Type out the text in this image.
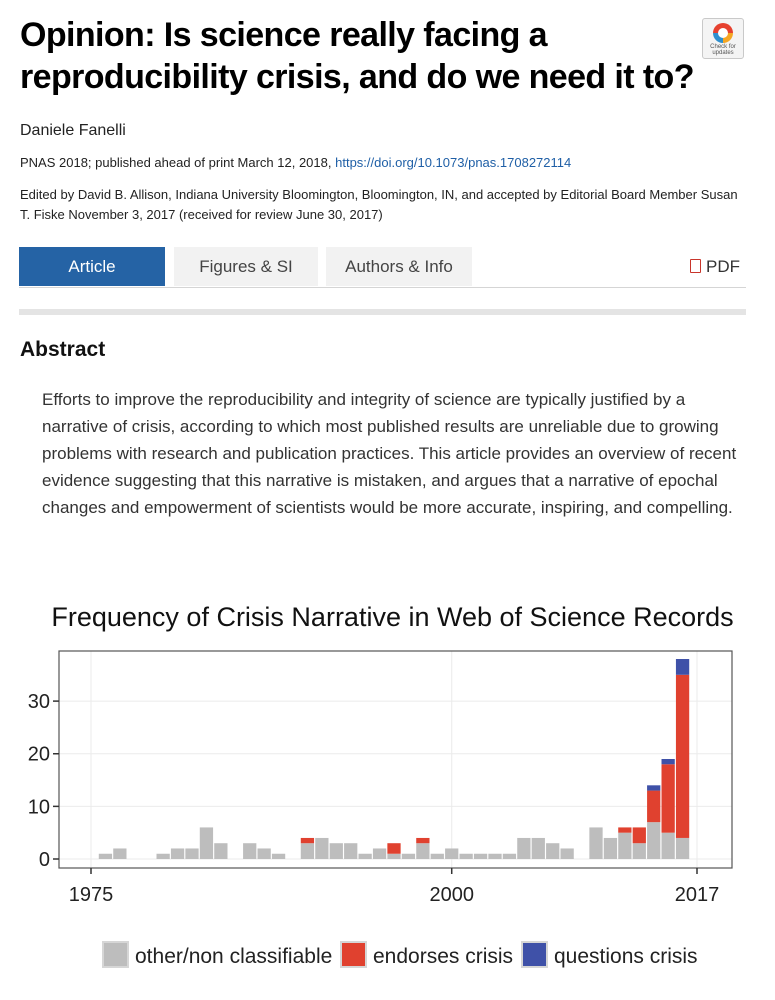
Opinion: Is science really facing a reproducibility crisis, and do we need it to?
Check for updates
Daniele Fanelli
PNAS 2018; published ahead of print March 12, 2018, https://doi.org/10.1073/pnas.1708272114
Edited by David B. Allison, Indiana University Bloomington, Bloomington, IN, and accepted by Editorial Board Member Susan T. Fiske November 3, 2017 (received for review June 30, 2017)
Article	Figures & SI	Authors & Info	PDF
Abstract

Efforts to improve the reproducibility and integrity of science are typically justified by a narrative of crisis, according to which most published results are unreliable due to growing problems with research and publication practices. This article provides an overview of recent evidence suggesting that this narrative is mistaken, and argues that a narrative of epochal changes and empowerment of scientists would be more accurate, inspiring, and compelling.

Frequency of Crisis Narrative in Web of Science Records
0
10
20
30
1975	2000	2017
other/non classifiable endorses crisis questions crisis
